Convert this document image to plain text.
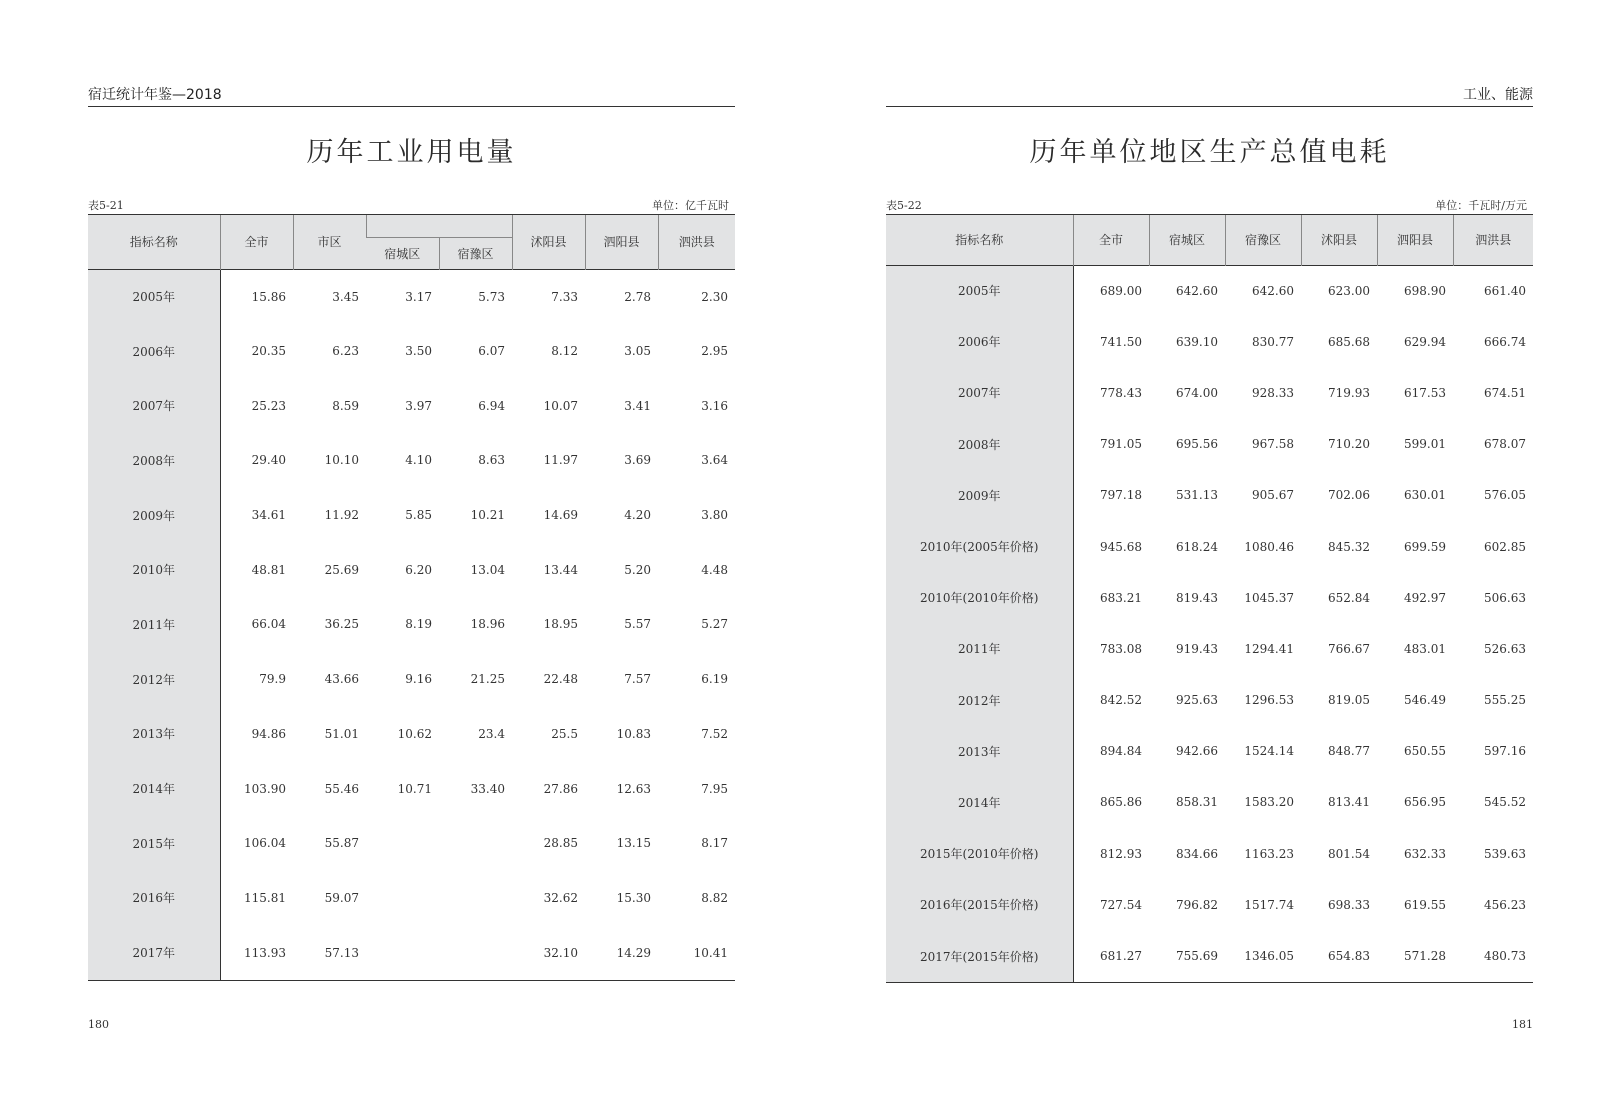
宿迁统计年鉴—2018
历年工业用电量
表5-21	单位：亿千瓦时
指标名称	全市	市区			沭阳县	泗阳县	泗洪县
			宿城区	宿豫区			
2005年	15.86	3.45	3.17	5.73	7.33	2.78	2.30
2006年	20.35	6.23	3.50	6.07	8.12	3.05	2.95
2007年	25.23	8.59	3.97	6.94	10.07	3.41	3.16
2008年	29.40	10.10	4.10	8.63	11.97	3.69	3.64
2009年	34.61	11.92	5.85	10.21	14.69	4.20	3.80
2010年	48.81	25.69	6.20	13.04	13.44	5.20	4.48
2011年	66.04	36.25	8.19	18.96	18.95	5.57	5.27
2012年	79.9	43.66	9.16	21.25	22.48	7.57	6.19
2013年	94.86	51.01	10.62	23.4	25.5	10.83	7.52
2014年	103.90	55.46	10.71	33.40	27.86	12.63	7.95
2015年	106.04	55.87			28.85	13.15	8.17
2016年	115.81	59.07			32.62	15.30	8.82
2017年	113.93	57.13			32.10	14.29	10.41
180
工业、能源
历年单位地区生产总值电耗
表5-22	单位：千瓦时/万元
指标名称	全市	宿城区	宿豫区	沭阳县	泗阳县	泗洪县
2005年	689.00	642.60	642.60	623.00	698.90	661.40
2006年	741.50	639.10	830.77	685.68	629.94	666.74
2007年	778.43	674.00	928.33	719.93	617.53	674.51
2008年	791.05	695.56	967.58	710.20	599.01	678.07
2009年	797.18	531.13	905.67	702.06	630.01	576.05
2010年(2005年价格)	945.68	618.24	1080.46	845.32	699.59	602.85
2010年(2010年价格)	683.21	819.43	1045.37	652.84	492.97	506.63
2011年	783.08	919.43	1294.41	766.67	483.01	526.63
2012年	842.52	925.63	1296.53	819.05	546.49	555.25
2013年	894.84	942.66	1524.14	848.77	650.55	597.16
2014年	865.86	858.31	1583.20	813.41	656.95	545.52
2015年(2010年价格)	812.93	834.66	1163.23	801.54	632.33	539.63
2016年(2015年价格)	727.54	796.82	1517.74	698.33	619.55	456.23
2017年(2015年价格)	681.27	755.69	1346.05	654.83	571.28	480.73
181
